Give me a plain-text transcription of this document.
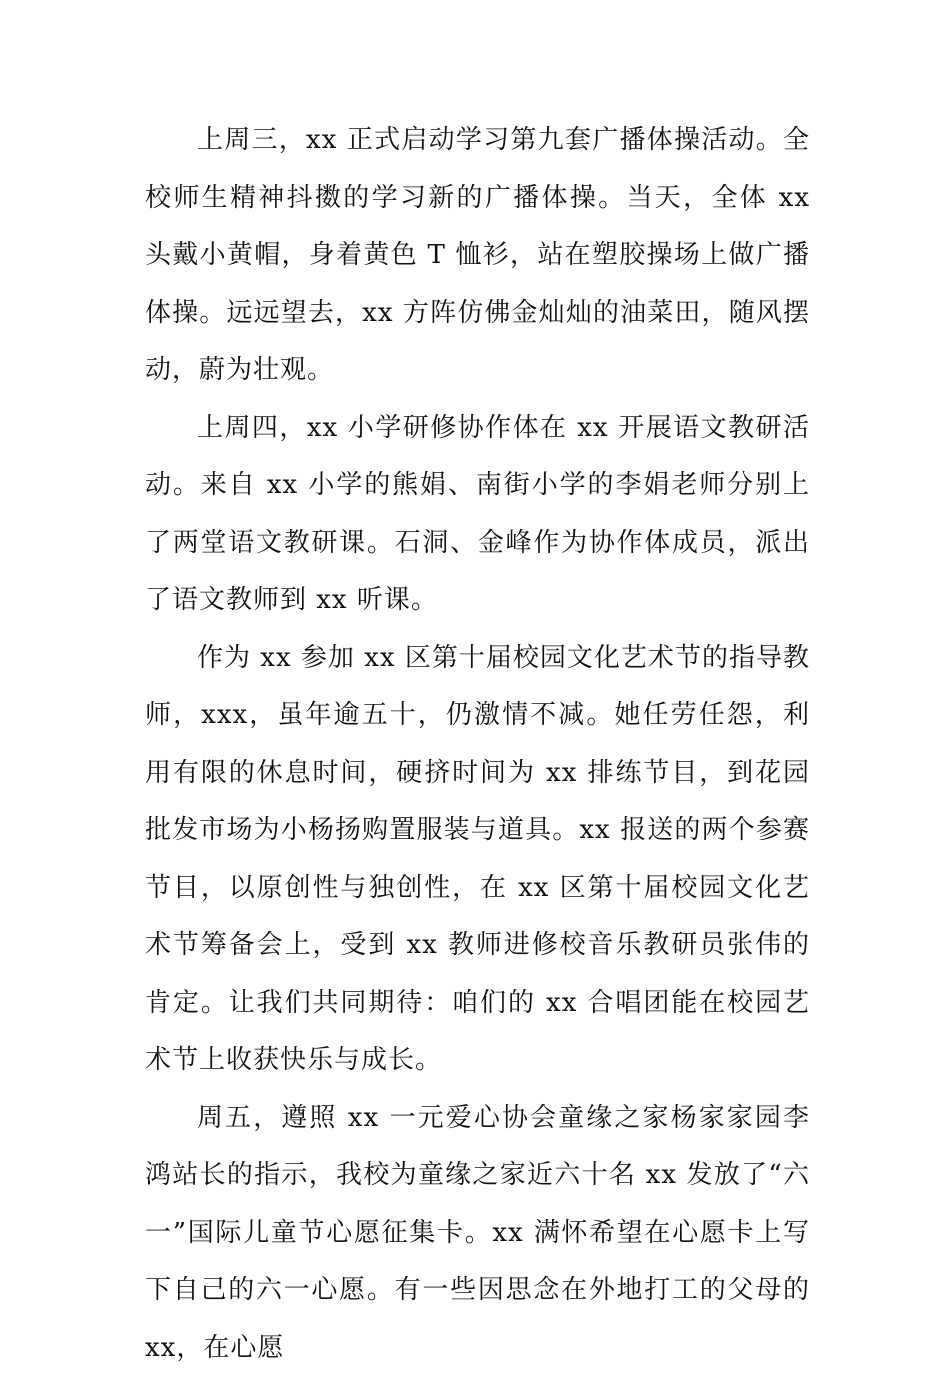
上周三，xx 正式启动学习第九套广播体操活动。全校师生精神抖擞的学习新的广播体操。当天，全体 xx 头戴小黄帽，身着黄色 T 恤衫，站在塑胶操场上做广播体操。远远望去，xx 方阵仿佛金灿灿的油菜田，随风摆动，蔚为壮观。

上周四，xx 小学研修协作体在 xx 开展语文教研活动。来自 xx 小学的熊娟、南街小学的李娟老师分别上了两堂语文教研课。石洞、金峰作为协作体成员，派出了语文教师到 xx 听课。

作为 xx 参加 xx 区第十届校园文化艺术节的指导教师，xxx，虽年逾五十，仍激情不减。她任劳任怨，利用有限的休息时间，硬挤时间为 xx 排练节目，到花园批发市场为小杨扬购置服装与道具。xx 报送的两个参赛节目，以原创性与独创性，在 xx 区第十届校园文化艺术节筹备会上，受到 xx 教师进修校音乐教研员张伟的肯定。让我们共同期待：咱们的 xx 合唱团能在校园艺术节上收获快乐与成长。

周五，遵照 xx 一元爱心协会童缘之家杨家家园李鸿站长的指示，我校为童缘之家近六十名 xx 发放了“六一”国际儿童节心愿征集卡。xx 满怀希望在心愿卡上写下自己的六一心愿。有一些因思念在外地打工的父母的 xx，在心愿
